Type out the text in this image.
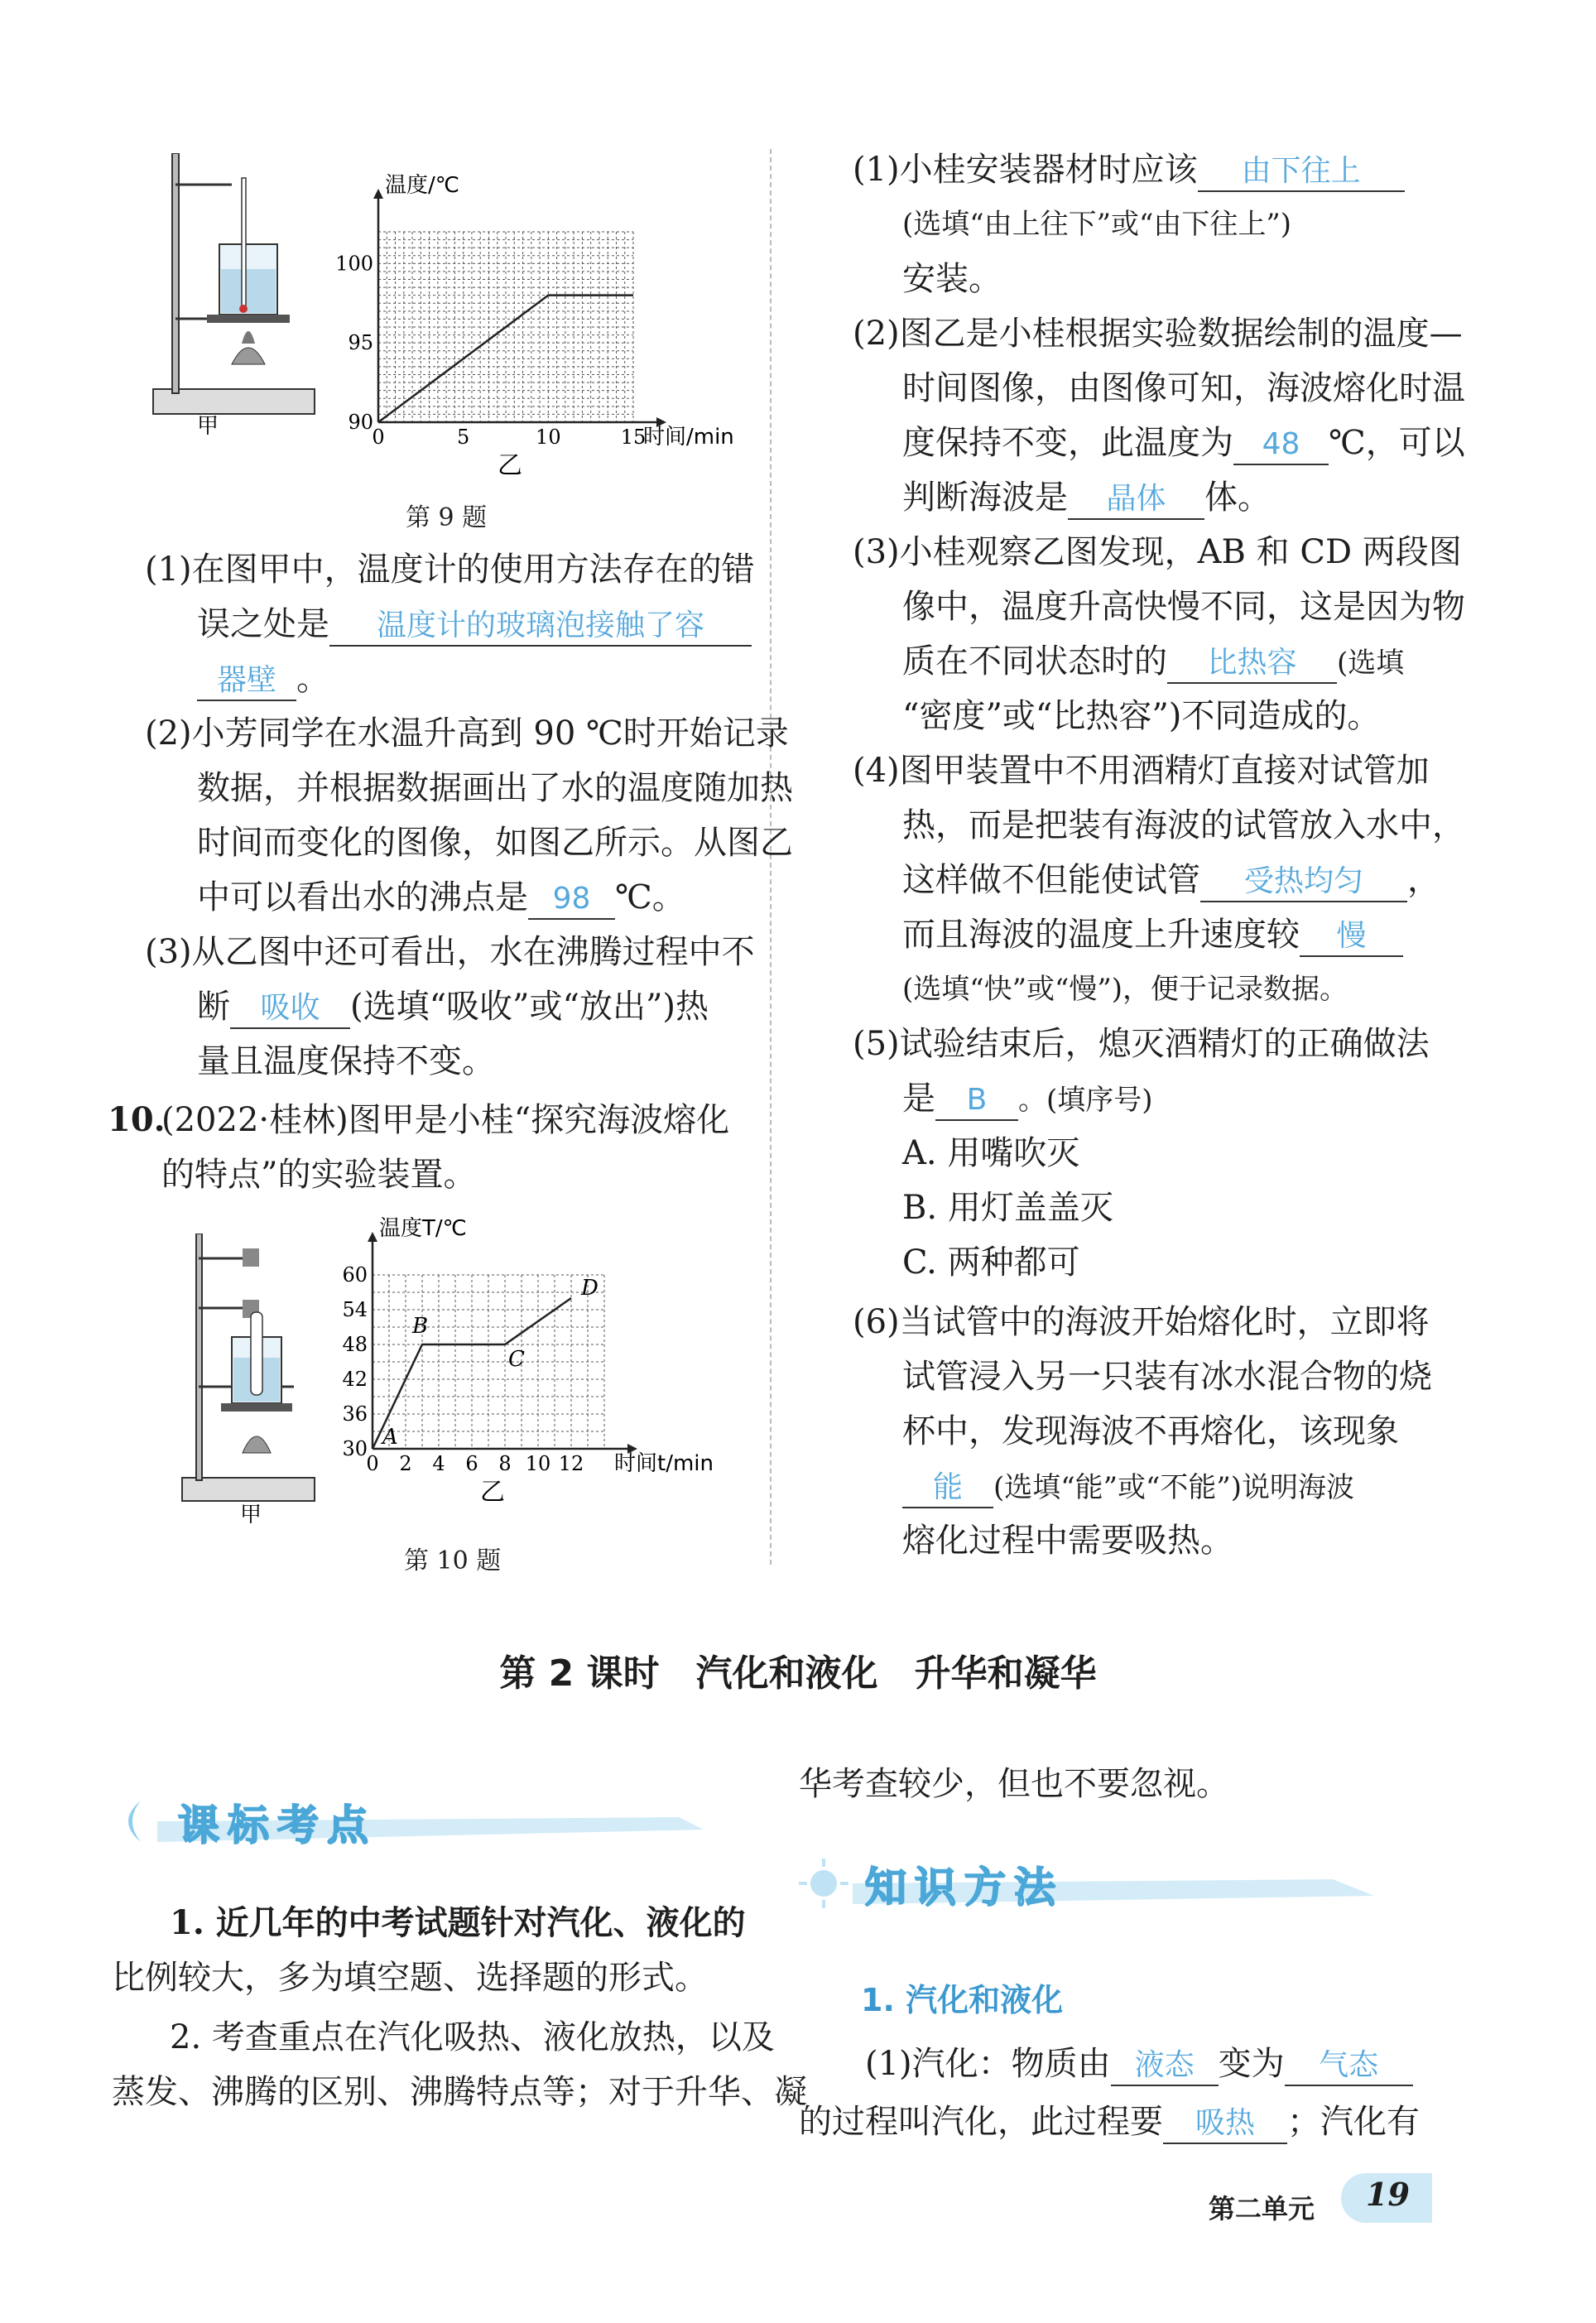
甲	0	5	10	15
90
95
100
温度/℃
时间/min
乙
第 9 题
(1)在图甲中，温度计的使用方法存在的错
误之处是 温度计的玻璃泡接触了容
器壁 。
(2)小芳同学在水温升高到 90 ℃时开始记录
数据，并根据数据画出了水的温度随加热
时间而变化的图像，如图乙所示。从图乙
中可以看出水的沸点是 98 ℃。
(3)从乙图中还可看出，水在沸腾过程中不
断 吸收 (选填“吸收”或“放出”)热
量且温度保持不变。
10.
(2022·桂林)图甲是小桂“探究海波熔化
的特点”的实验装置。
甲
0 2 4 6 8 10 12
30
36
42
48
54
60
A
B
C
D
温度T/℃
时间t/min
乙
第 10 题
(1)小桂安装器材时应该 由下往上
(选填“由上往下”或“由下往上”)
安装。
(2)图乙是小桂根据实验数据绘制的温度—
时间图像，由图像可知，海波熔化时温
度保持不变，此温度为 48 ℃，可以
判断海波是 晶体 体。
(3)小桂观察乙图发现，AB 和 CD 两段图
像中，温度升高快慢不同，这是因为物
质在不同状态时的 比热容 (选填
“密度”或“比热容”)不同造成的。
(4)图甲装置中不用酒精灯直接对试管加
热，而是把装有海波的试管放入水中，
这样做不但能使试管 受热均匀 ，
而且海波的温度上升速度较 慢
(选填“快”或“慢”)，便于记录数据。
(5)试验结束后，熄灭酒精灯的正确做法
是 B 。(填序号)
A. 用嘴吹灭
B. 用灯盖盖灭
C. 两种都可
(6)当试管中的海波开始熔化时，立即将
试管浸入另一只装有冰水混合物的烧
杯中，发现海波不再熔化，该现象
能 (选填“能”或“不能”)说明海波
熔化过程中需要吸热。
第 2 课时　汽化和液化　升华和凝华
课标考点
1. 近几年的中考试题针对汽化、液化的
比例较大，多为填空题、选择题的形式。
2. 考查重点在汽化吸热、液化放热，以及
蒸发、沸腾的区别、沸腾特点等；对于升华、凝
华考查较少，但也不要忽视。
知识方法
1. 汽化和液化
(1)汽化：物质由 液态 变为 气态
的过程叫汽化，此过程要 吸热 ；汽化有
第二单元 19
